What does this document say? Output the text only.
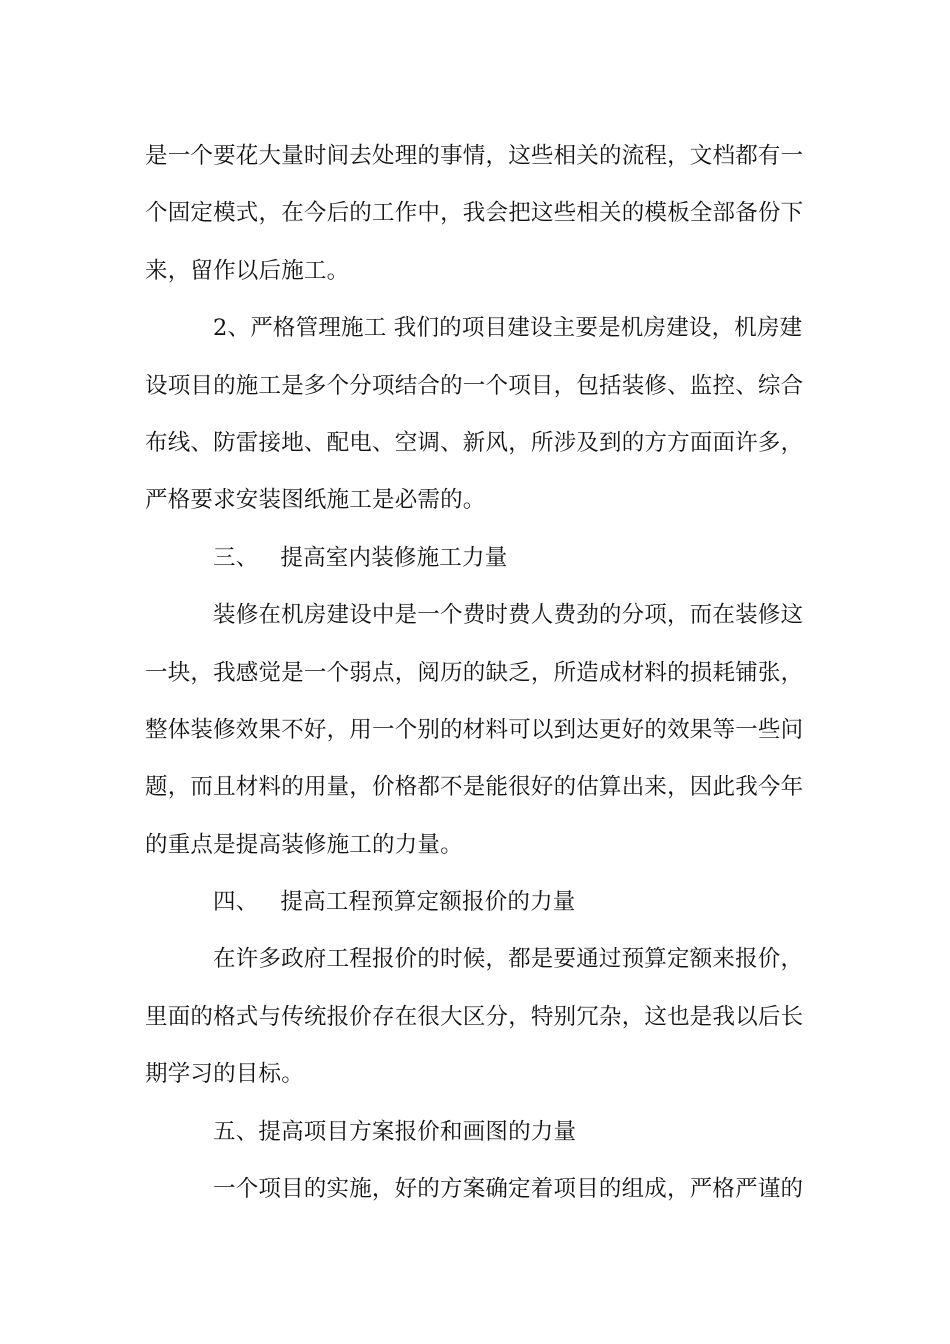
是一个要花大量时间去处理的事情，这些相关的流程，文档都有一
个固定模式，在今后的工作中，我会把这些相关的模板全部备份下
来，留作以后施工。
2、严格管理施工 我们的项目建设主要是机房建设，机房建
设项目的施工是多个分项结合的一个项目，包括装修、监控、综合
布线、防雷接地、配电、空调、新风，所涉及到的方方面面许多，
严格要求安装图纸施工是必需的。
三、 提高室内装修施工力量
装修在机房建设中是一个费时费人费劲的分项，而在装修这
一块，我感觉是一个弱点，阅历的缺乏，所造成材料的损耗铺张，
整体装修效果不好，用一个别的材料可以到达更好的效果等一些问
题，而且材料的用量，价格都不是能很好的估算出来，因此我今年
的重点是提高装修施工的力量。
四、 提高工程预算定额报价的力量
在许多政府工程报价的时候，都是要通过预算定额来报价，
里面的格式与传统报价存在很大区分，特别冗杂，这也是我以后长
期学习的目标。
五、提高项目方案报价和画图的力量
一个项目的实施，好的方案确定着项目的组成，严格严谨的
